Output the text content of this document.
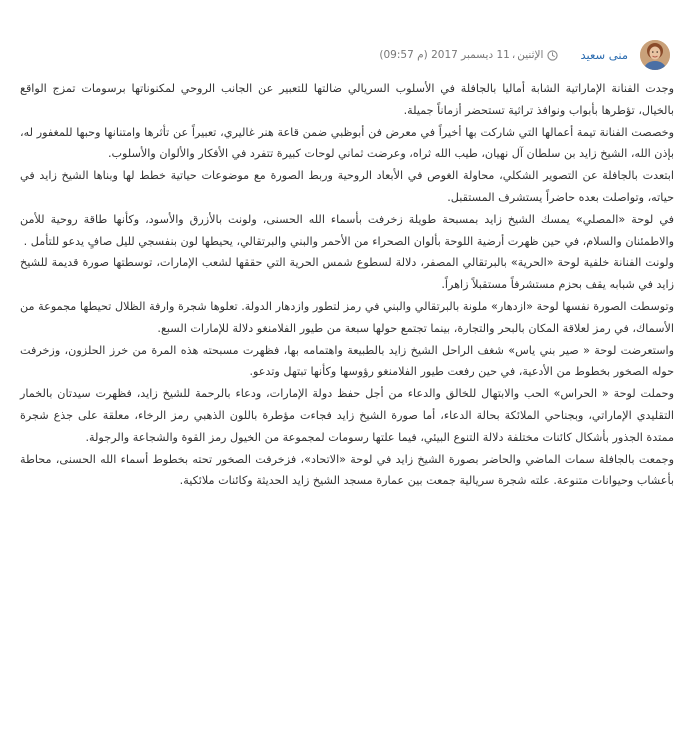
منى سعيد
الإثنين
،
11 ديسمبر 2017

(09:57 م)

وجدت الفنانة الإماراتية الشابة أماليا بالجافلة في الأسلوب السريالي ضالتها للتعبير عن الجانب الروحي لمكنوناتها برسومات تمزج الواقع بالخيال، تؤطرها بأبواب ونوافذ تراثية تستحضر أزماناً جميلة.

وخصصت الفنانة تيمة أعمالها التي شاركت بها أخيراً في معرض فن أبوظبي ضمن قاعة هنر غاليري، تعبيراً عن تأثرها وامتنانها وحبها للمغفور له، بإذن الله، الشيخ زايد بن سلطان آل نهيان، طيب الله ثراه، وعرضت ثماني لوحات كبيرة تتفرد في الأفكار والألوان والأسلوب.

ابتعدت بالجافلة عن التصوير الشكلي، محاولة الغوص في الأبعاد الروحية وربط الصورة مع موضوعات حياتية خطط لها وبناها الشيخ زايد في حياته، وتواصلت بعده حاضراً يستشرف المستقبل.

في لوحة «المصلي» يمسك الشيخ زايد بمسبحة طويلة زخرفت بأسماء الله الحسنى، ولونت بالأزرق والأسود، وكأنها طاقة روحية للأمن والاطمئنان والسلام، في حين ظهرت أرضية اللوحة بألوان الصحراء من الأحمر والبني والبرتقالي، يحيطها لون بنفسجي لليل صافٍ يدعو للتأمل .

ولونت الفنانة خلفية لوحة «الحرية» بالبرتقالي المصفر، دلالة لسطوع شمس الحرية التي حققها لشعب الإمارات، توسطتها صورة قديمة للشيخ زايد في شبابه يقف بحزم مستشرفاً مستقبلاً زاهراً.

وتوسطت الصورة نفسها لوحة «ازدهار» ملونة بالبرتقالي والبني في رمز لتطور وازدهار الدولة. تعلوها شجرة وارفة الظلال تحيطها مجموعة من الأسماك، في رمز لعلاقة المكان بالبحر والتجارة، بينما تجتمع حولها سبعة من طيور الفلامنغو دلالة للإمارات السبع.

واستعرضت لوحة « صير بني ياس» شغف الراحل الشيخ زايد بالطبيعة واهتمامه بها، فظهرت مسبحته هذه المرة من خرز الحلزون، وزخرفت حوله الصخور بخطوط من الأدعية، في حين رفعت طيور الفلامنغو رؤوسها وكأنها تبتهل وتدعو.

وحملت لوحة « الحراس» الحب والابتهال للخالق والدعاء من أجل حفظ دولة الإمارات، ودعاء بالرحمة للشيخ زايد، فظهرت سيدتان بالخمار التقليدي الإماراتي، وبجناحي الملائكة بحالة الدعاء، أما صورة الشيخ زايد فجاءت مؤطرة باللون الذهبي رمز الرخاء، معلقة على جذع شجرة ممتدة الجذور بأشكال كائنات مختلفة دلالة التنوع البيئي، فيما علتها رسومات لمجموعة من الخيول رمز القوة والشجاعة والرجولة.

وجمعت بالجافلة سمات الماضي والحاضر بصورة الشيخ زايد في لوحة «الاتحاد»، فزخرفت الصخور تحته بخطوط أسماء الله الحسنى، محاطة بأعشاب وحيوانات متنوعة. علته شجرة سريالية جمعت بين عمارة مسجد الشيخ زايد الحديثة وكائنات ملائكية.
